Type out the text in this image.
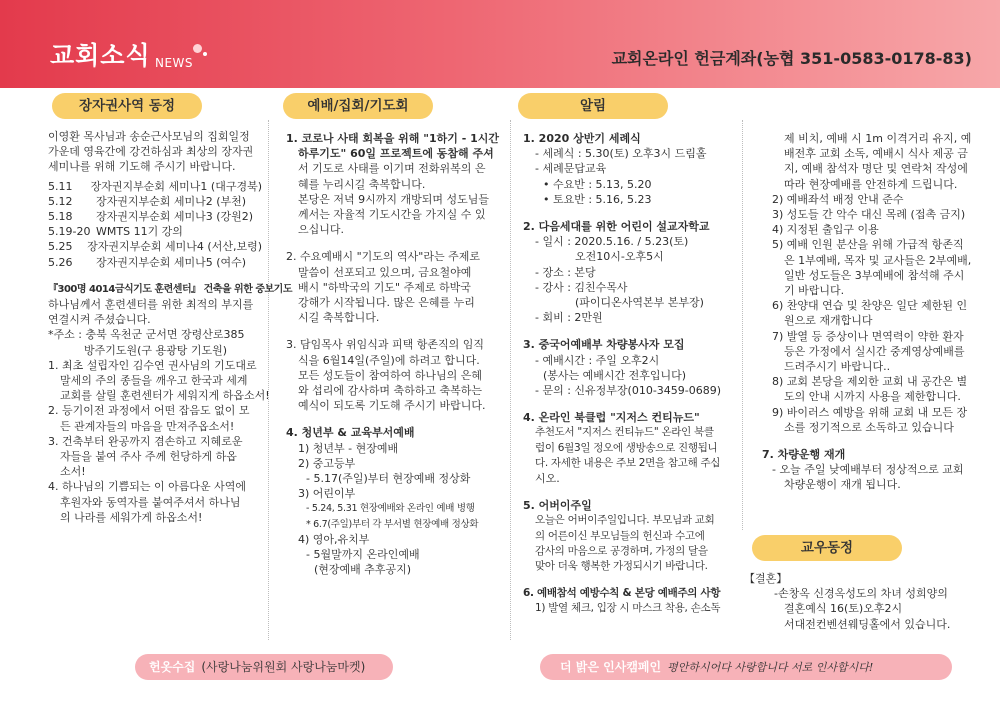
교회소식 NEWS	교회온라인 헌금계좌(농협 351-0583-0178-83)
장자권사역 동정	예배/집회/기도회	알림
교우동정

이영환 목사님과 송순근사모님의 집회일정

가운데 영육간에 강건하심과 최상의 장자권

세미나를 위해 기도해 주시기 바랍니다.

5.11	장자권지부순회 세미나1 (대구경북)
5.12	장자권지부순회 세미나2 (부천)
5.18	장자권지부순회 세미나3 (강원2)
5.19-20 WMTS 11기 강의
5.25	장자권지부순회 세미나4 (서산,보령)
5.26	장자권지부순회 세미나5 (여수)

『300명 4014금식기도 훈련센터』 건축을 위한 중보기도

하나님께서 훈련센터를 위한 최적의 부지를

연결시켜 주셨습니다.

*주소 : 충북 옥천군 군서면 장령산로385

방주기도원(구 용광탕 기도원)

1. 최초 설립자인 김수연 권사님의 기도대로

말세의 주의 종들을 깨우고 한국과 세계

교회를 살릴 훈련센터가 세워지게 하옵소서!

2. 등기이전 과정에서 어떤 잡음도 없이 모

든 관계자들의 마음을 만져주옵소서!

3. 건축부터 완공까지 겸손하고 지혜로운

자들을 붙여 주사 주께 헌당하게 하옵

소서!

4. 하나님의 기쁨되는 이 아름다운 사역에

후원자와 동역자를 붙여주셔서 하나님

의 나라를 세워가게 하옵소서!

1. 코로나 사태 회복을 위해 "1하기 - 1시간

하루기도" 60일 프로젝트에 동참해 주셔

서 기도로 사태를 이기며 전화위복의 은

혜를 누리시길 축복합니다.

본당은 저녁 9시까지 개방되며 성도님들

께서는 자율적 기도시간을 가지실 수 있

으십니다.

2. 수요예배시 "기도의 역사"라는 주제로

말씀이 선포되고 있으며, 금요철야예

배시 "하박국의 기도" 주제로 하박국

강해가 시작됩니다. 많은 은혜를 누리

시길 축복합니다.

3. 담임목사 위임식과 피택 항존직의 임직

식을 6월14일(주일)에 하려고 합니다.

모든 성도들이 참여하여 하나님의 은혜

와 섭리에 감사하며 축하하고 축복하는

예식이 되도록 기도해 주시기 바랍니다.

4. 청년부 & 교육부서예배

1) 청년부 - 현장예배

2) 중고등부

- 5.17(주일)부터 현장예배 정상화

3) 어린이부

- 5.24, 5.31 현장예배와 온라인 예배 병행

* 6.7(주일)부터 각 부서별 현장예배 정상화

4) 영아,유치부

- 5월말까지 온라인예배

(현장예배 추후공지)

1. 2020 상반기 세례식

- 세례식 : 5.30(토) 오후3시 드림홀

- 세례문답교육

• 수요반 : 5.13, 5.20

• 토요반 : 5.16, 5.23

2. 다음세대를 위한 어린이 설교자학교

- 일시 : 2020.5.16. / 5.23(토)

오전10시-오후5시

- 장소 : 본당

- 강사 : 김친수목사

(파이디온사역본부 본부장)

- 회비 : 2만원

3. 중국어예배부 차량봉사자 모집

- 예배시간 : 주일 오후2시

(봉사는 예배시간 전후입니다)

- 문의 : 신유정부장(010-3459-0689)

4. 온라인 북클럽 "지저스 컨티뉴드"

추천도서 "지저스 컨티뉴드" 온라인 북클

럽이 6월3일 정오에 생방송으로 진행됩니

다. 자세한 내용은 주보 2면을 참고해 주십

시오.

5. 어버이주일

오늘은 어버이주일입니다. 부모님과 교회

의 어른이신 부모님들의 헌신과 수고에

감사의 마음으로 공경하며, 가정의 달을

맞아 더욱 행복한 가정되시기 바랍니다.

6. 예배참석 예방수칙 & 본당 예배주의 사항

1) 발열 체크, 입장 시 마스크 착용, 손소독

제 비치, 예배 시 1m 이격거리 유지, 예

배전후 교회 소독, 예배시 식사 제공 금

지, 예배 참석자 명단 및 연락처 작성에

따라 현장예배를 안전하게 드립니다.

2) 예배좌석 배정 안내 준수

3) 성도들 간 악수 대신 목례 (접촉 금지)

4) 지정된 출입구 이용

5) 예배 인원 분산을 위해 가급적 항존직

은 1부예배, 목자 및 교사들은 2부예배,

일반 성도들은 3부예배에 참석해 주시

기 바랍니다.

6) 찬양대 연습 및 찬양은 일단 제한된 인

원으로 재개합니다

7) 발열 등 증상이나 면역력이 약한 환자

등은 가정에서 실시간 중계영상예배를

드려주시기 바랍니다..

8) 교회 본당을 제외한 교회 내 공간은 별

도의 안내 시까지 사용을 제한합니다.

9) 바이러스 예방을 위해 교회 내 모든 장

소를 정기적으로 소독하고 있습니다

7. 차량운행 재개

- 오늘 주일 낮예배부터 정상적으로 교회

차량운행이 재개 됩니다.

【결혼】

-손창옥 신경옥성도의 차녀 성희양의

결혼예식 16(토)오후2시

서대전컨벤션웨딩홀에서 있습니다.

헌옷수집 (사랑나눔위원회 사랑나눔마켓)	더 밝은 인사캠페인 평안하시어다 사랑합니다 서로 인사합시다!
